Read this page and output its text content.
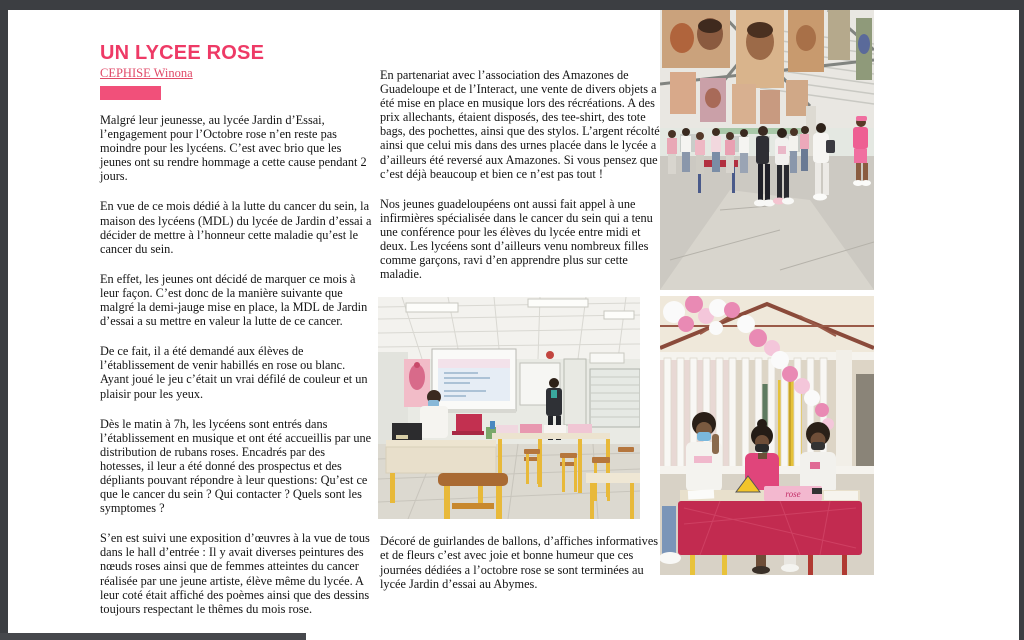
UN LYCEE ROSE
CEPHISE Winona

Malgré leur jeunesse, au lycée Jardin d’Essai, l’engagement pour l’Octobre rose n’en reste pas moindre pour les lycéens. C’est avec brio que les jeunes ont su rendre hommage a cette cause pendant 2 jours.

En vue de ce mois dédié à la lutte du cancer du sein, la maison des lycéens (MDL) du lycée de Jardin d’essai a décider de mettre à l’honneur cette maladie qu’est le cancer du sein.

En effet, les jeunes ont décidé de marquer ce mois à leur façon. C’est donc de la manière suivante que malgré la demi-jauge mise en place, la MDL de Jardin d’essai a su mettre en valeur la lutte de ce cancer.

De ce fait, il a été demandé aux élèves de l’établissement de venir habillés en rose ou blanc. Ayant joué le jeu c’était un vrai défilé de couleur et un plaisir pour les yeux.

Dès le matin à 7h, les lycéens sont entrés dans l’établissement en musique et ont été accueillis par une distribution de rubans roses. Encadrés par des hotesses, il leur a été donné des prospectus et des dépliants pouvant répondre à leur questions: Qu’est ce que le cancer du sein ? Qui contacter ? Quels sont les symptomes ?

S’en est suivi une exposition d’œuvres à la vue de tous dans le hall d’entrée : Il y avait diverses peintures des nœuds roses ainsi que de femmes atteintes du cancer réalisée par une jeune artiste, élève même du lycée. A leur coté était affiché des poèmes ainsi que des dessins toujours respectant le thêmes du mois rose.

En partenariat avec l’association des Amazones de Guadeloupe et de l’Interact, une vente de divers objets a été mise en place en musique lors des récréations. A des prix allechants, étaient disposés, des tee-shirt, des tote bags, des pochettes, ainsi que des stylos. L’argent récolté ainsi que celui mis dans des urnes placée dans le lycée a d’ailleurs été reversé aux Amazones. Si vous pensez que c’est déjà beaucoup et bien ce n’est pas tout !

Nos jeunes guadeloupéens ont aussi fait appel à une infirmières spécialisée dans le cancer du sein qui a tenu une conférence pour les élèves du lycée entre midi et deux. Les lycéens sont d’ailleurs venu nombreux filles comme garçons, ravi d’en apprendre plus sur cette maladie.

Décoré de guirlandes de ballons, d’affiches informatives et de fleurs c’est avec joie et bonne humeur que ces journées dédiées a l’octobre rose se sont terminées au lycée Jardin d’essai au Abymes.

rose
